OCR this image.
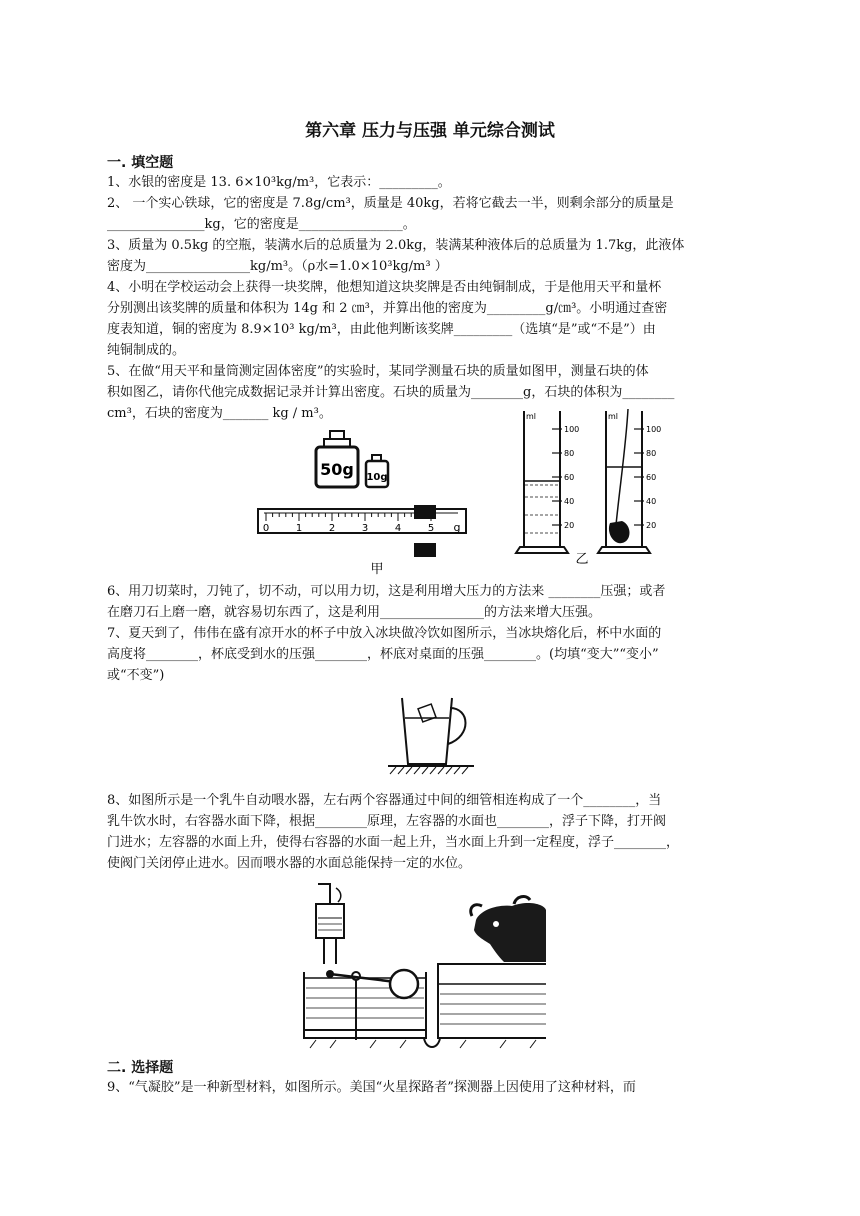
第六章 压力与压强 单元综合测试
一. 填空题
1、水银的密度是 13. 6×10³kg/m³，它表示：_________。
2、 一个实心铁球，它的密度是 7.8g/cm³，质量是 40kg，若将它截去一半，则剩余部分的质量是
_______________kg，它的密度是________________。
3、质量为 0.5kg 的空瓶，装满水后的总质量为 2.0kg，装满某种液体后的总质量为 1.7kg，此液体
密度为________________kg/m³。（ρ水=1.0×10³kg/m³ ）
4、小明在学校运动会上获得一块奖牌，他想知道这块奖牌是否由纯铜制成，于是他用天平和量杯
分别测出该奖牌的质量和体积为 14g 和 2 ㎝³，并算出他的密度为_________g/㎝³。小明通过查密
度表知道，铜的密度为 8.9×10³ kg/m³，由此他判断该奖牌_________（选填“是”或“不是”）由
纯铜制成的。
5、在做“用天平和量筒测定固体密度”的实验时，某同学测量石块的质量如图甲，测量石块的体
积如图乙，请你代他完成数据记录并计算出密度。石块的质量为________g，石块的体积为________
cm³，石块的密度为_______ kg / m³。
50g 10g
0	1	2	3	4	5 g
甲
ml
100
80
60
40
20
ml
100
80
60
40
20
乙
6、用刀切菜时，刀钝了，切不动，可以用力切，这是利用增大压力的方法来 ________压强；或者
在磨刀石上磨一磨，就容易切东西了，这是利用________________的方法来增大压强。
7、夏天到了，伟伟在盛有凉开水的杯子中放入冰块做冷饮如图所示，当冰块熔化后，杯中水面的
高度将________，杯底受到水的压强________，杯底对桌面的压强________。(均填“变大”“变小”
或“不变”)
8、如图所示是一个乳牛自动喂水器，左右两个容器通过中间的细管相连构成了一个________，当
乳牛饮水时，右容器水面下降，根据________原理，左容器的水面也________，浮子下降，打开阀
门进水；左容器的水面上升，使得右容器的水面一起上升，当水面上升到一定程度，浮子________，
使阀门关闭停止进水。因而喂水器的水面总能保持一定的水位。
二. 选择题
9、“气凝胶”是一种新型材料，如图所示。美国“火星探路者”探测器上因使用了这种材料，而
